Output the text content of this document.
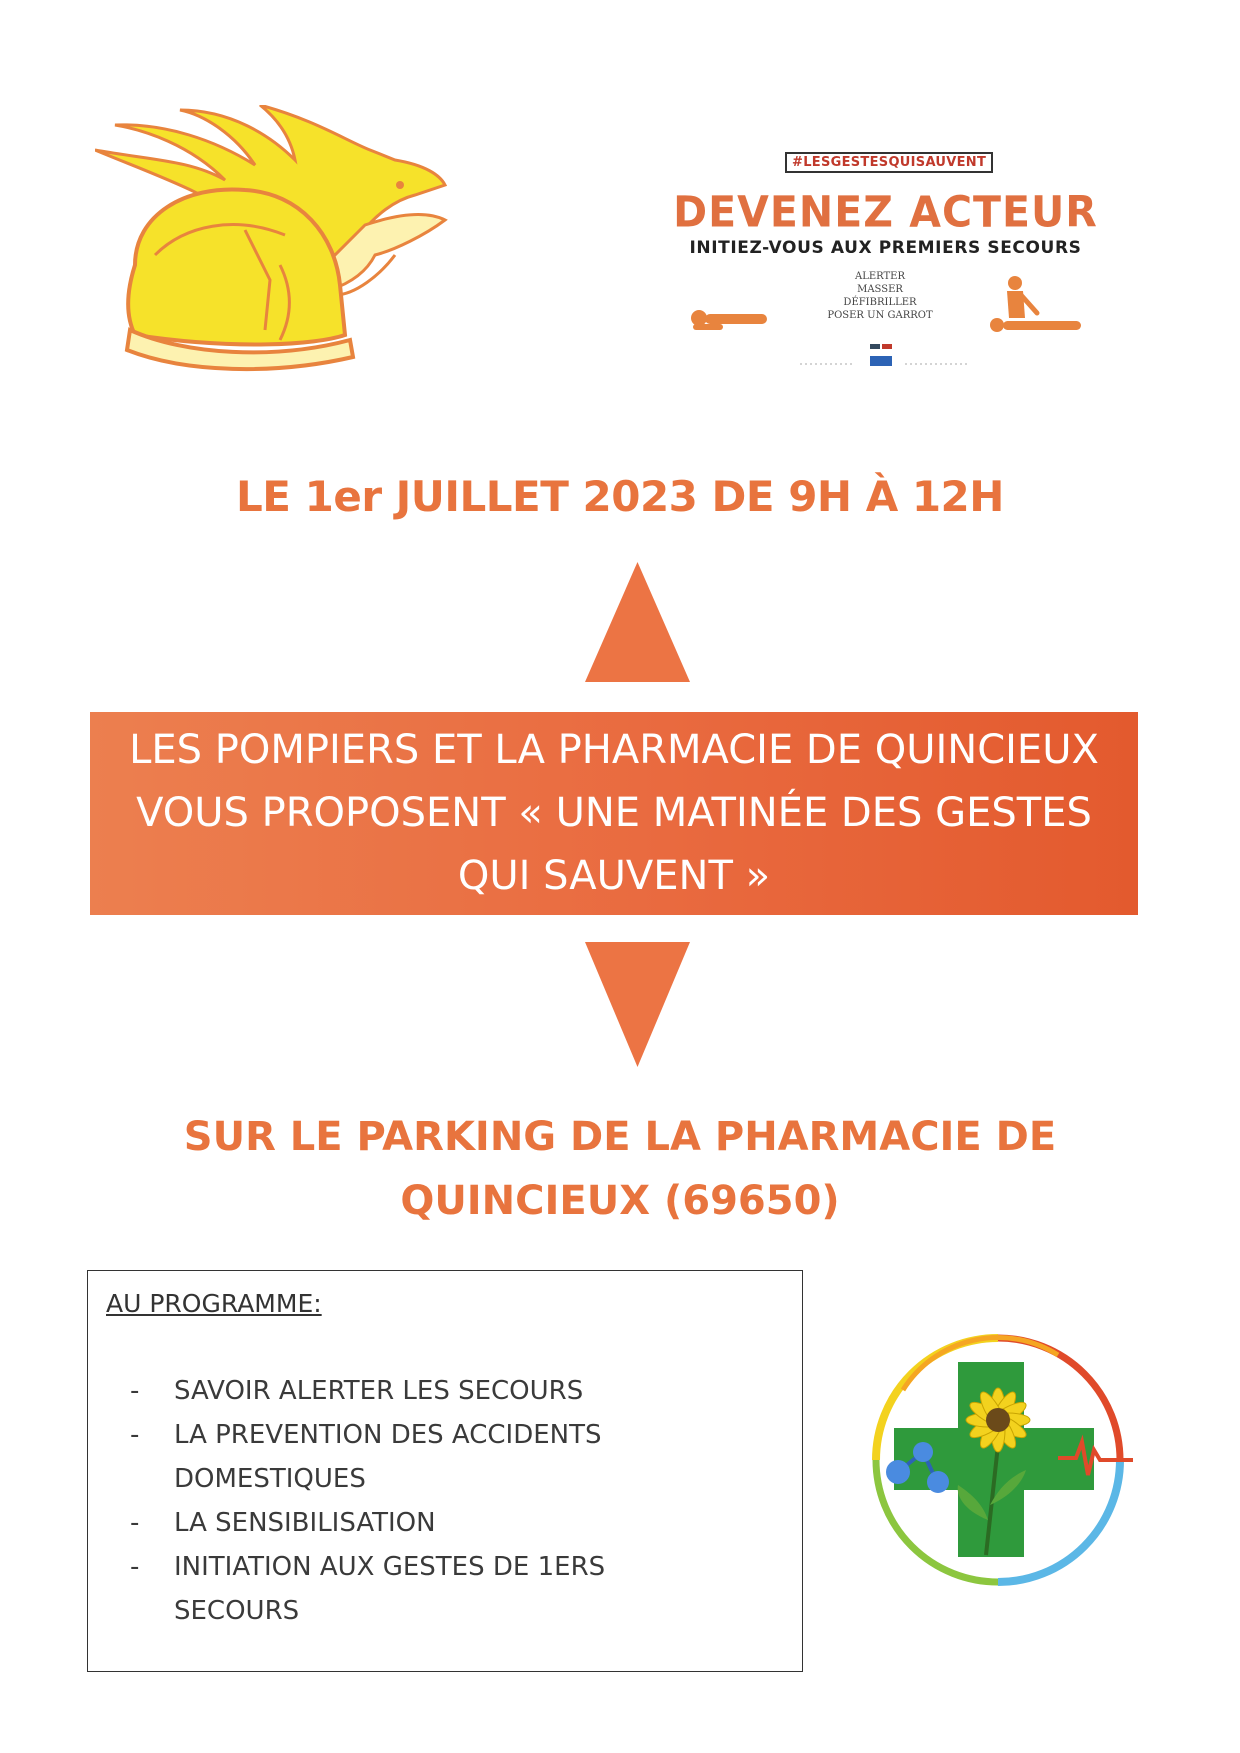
#LESGESTESQUISAUVENT
DEVENEZ ACTEUR
INITIEZ-VOUS AUX PREMIERS SECOURS
ALERTER
MASSER
DÉFIBRILLER
POSER UN GARROT
LE 1er JUILLET 2023 DE 9H À 12H
LES POMPIERS ET LA PHARMACIE DE QUINCIEUX VOUS PROPOSENT « UNE MATINÉE DES GESTES QUI SAUVENT »
SUR LE PARKING DE LA PHARMACIE DE
QUINCIEUX (69650)
AU PROGRAMME:
- SAVOIR ALERTER LES SECOURS
- LA PREVENTION DES ACCIDENTS
DOMESTIQUES
- LA SENSIBILISATION
- INITIATION AUX GESTES DE 1ERS
SECOURS
